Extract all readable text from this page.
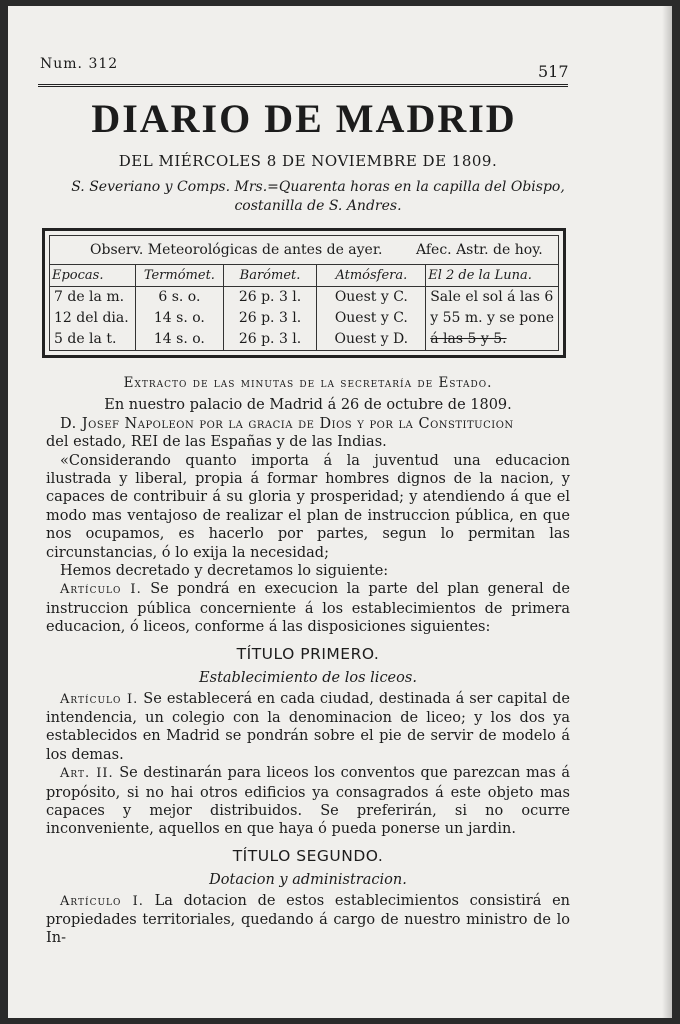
Num. 312	517
DIARIO DE MADRID
DEL MIÉRCOLES 8 DE NOVIEMBRE DE 1809.
S. Severiano y Comps. Mrs.=Quarenta horas en la capilla del Obispo,
costanilla de S. Andres.
Observ. Meteorológicas de antes de ayer. Afec. Astr. de hoy.
Epocas.	Termómet.	Barómet.	Atmósfera.	El 2 de la Luna.
7 de la m.	6 s. o.	26 p. 3 l.	Ouest y C.	Sale el sol á las 6
12 del dia.	14 s. o.	26 p. 3 l.	Ouest y C.	y 55 m. y se pone
5 de la t.	14 s. o.	26 p. 3 l.	Ouest y D.	á las 5 y 5.

Extracto de las minutas de la secretaría de Estado.

En nuestro palacio de Madrid á 26 de octubre de 1809.

D. Josef Napoleon por la gracia de Dios y por la Constitucion

del estado, REI de las Españas y de las Indias.

«Considerando quanto importa á la juventud una educacion ilustrada y liberal, propia á formar hombres dignos de la nacion, y capaces de contribuir á su gloria y prosperidad; y atendiendo á que el modo mas ventajoso de realizar el plan de instruccion pública, en que nos ocupamos, es hacerlo por partes, segun lo permitan las circunstancias, ó lo exija la necesidad;

Hemos decretado y decretamos lo siguiente:

Artículo I. Se pondrá en execucion la parte del plan general de instruccion pública concerniente á los establecimientos de primera educacion, ó liceos, conforme á las disposiciones siguientes:

TÍTULO PRIMERO.

Establecimiento de los liceos.

Artículo I. Se establecerá en cada ciudad, destinada á ser capital de intendencia, un colegio con la denominacion de liceo; y los dos ya establecidos en Madrid se pondrán sobre el pie de servir de modelo á los demas.

Art. II. Se destinarán para liceos los conventos que parezcan mas á propósito, si no hai otros edificios ya consagrados á este objeto mas capaces y mejor distribuidos. Se preferirán, si no ocurre inconveniente, aquellos en que haya ó pueda ponerse un jardin.

TÍTULO SEGUNDO.

Dotacion y administracion.

Artículo I. La dotacion de estos establecimientos consistirá en propiedades territoriales, quedando á cargo de nuestro ministro de lo In-
